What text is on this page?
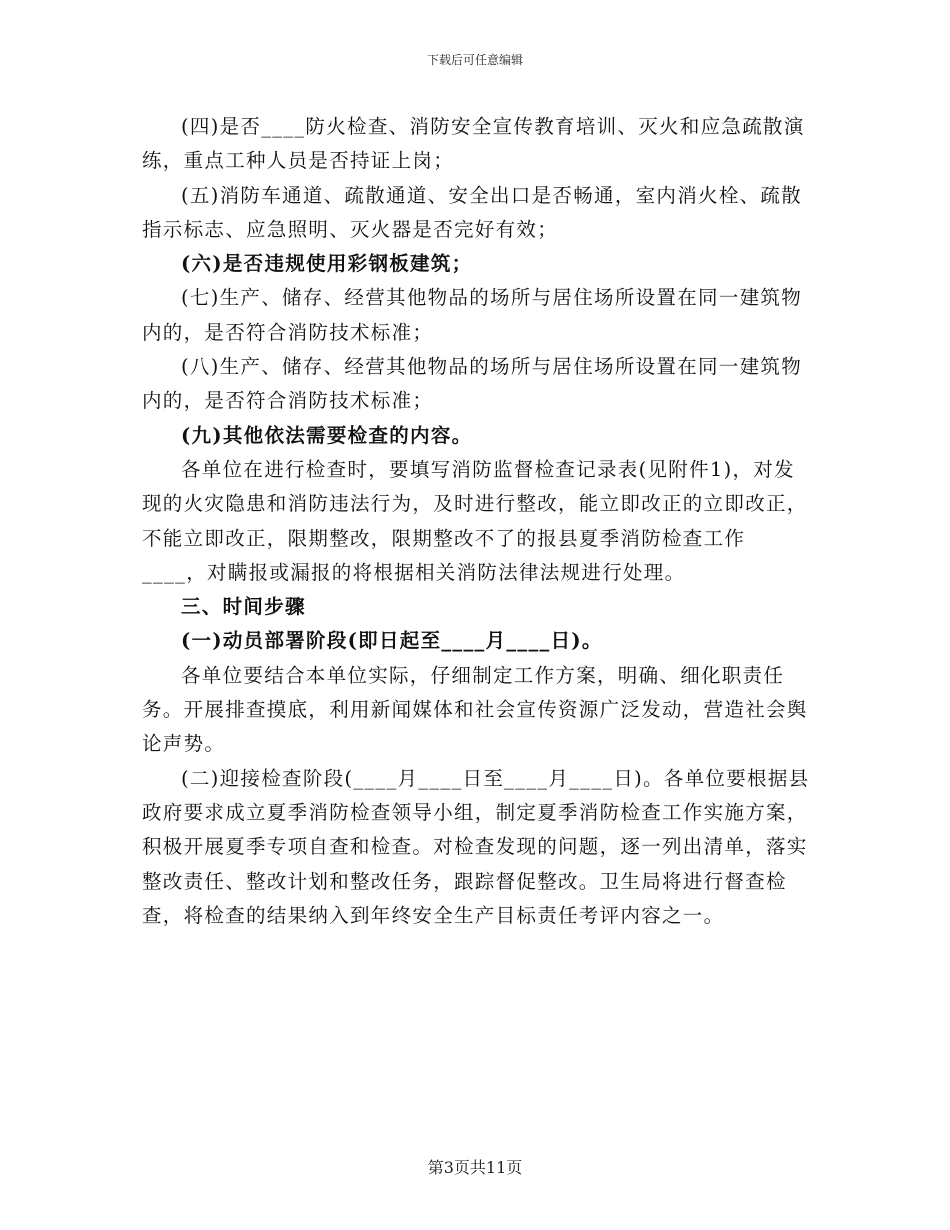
下载后可任意编辑

(四)是否____防火检查、消防安全宣传教育培训、灭火和应急疏散演练，重点工种人员是否持证上岗；

(五)消防车通道、疏散通道、安全出口是否畅通，室内消火栓、疏散指示标志、应急照明、灭火器是否完好有效；

(六)是否违规使用彩钢板建筑；

(七)生产、储存、经营其他物品的场所与居住场所设置在同一建筑物内的，是否符合消防技术标准；

(八)生产、储存、经营其他物品的场所与居住场所设置在同一建筑物内的，是否符合消防技术标准；

(九)其他依法需要检查的内容。

各单位在进行检查时，要填写消防监督检查记录表(见附件1)，对发现的火灾隐患和消防违法行为，及时进行整改，能立即改正的立即改正，不能立即改正，限期整改，限期整改不了的报县夏季消防检查工作____，对瞒报或漏报的将根据相关消防法律法规进行处理。

三、时间步骤

(一)动员部署阶段(即日起至____月____日)。

各单位要结合本单位实际，仔细制定工作方案，明确、细化职责任务。开展排查摸底，利用新闻媒体和社会宣传资源广泛发动，营造社会舆论声势。

(二)迎接检查阶段(____月____日至____月____日)。各单位要根据县政府要求成立夏季消防检查领导小组，制定夏季消防检查工作实施方案，积极开展夏季专项自查和检查。对检查发现的问题，逐一列出清单，落实整改责任、整改计划和整改任务，跟踪督促整改。卫生局将进行督查检查，将检查的结果纳入到年终安全生产目标责任考评内容之一。

第3页共11页
